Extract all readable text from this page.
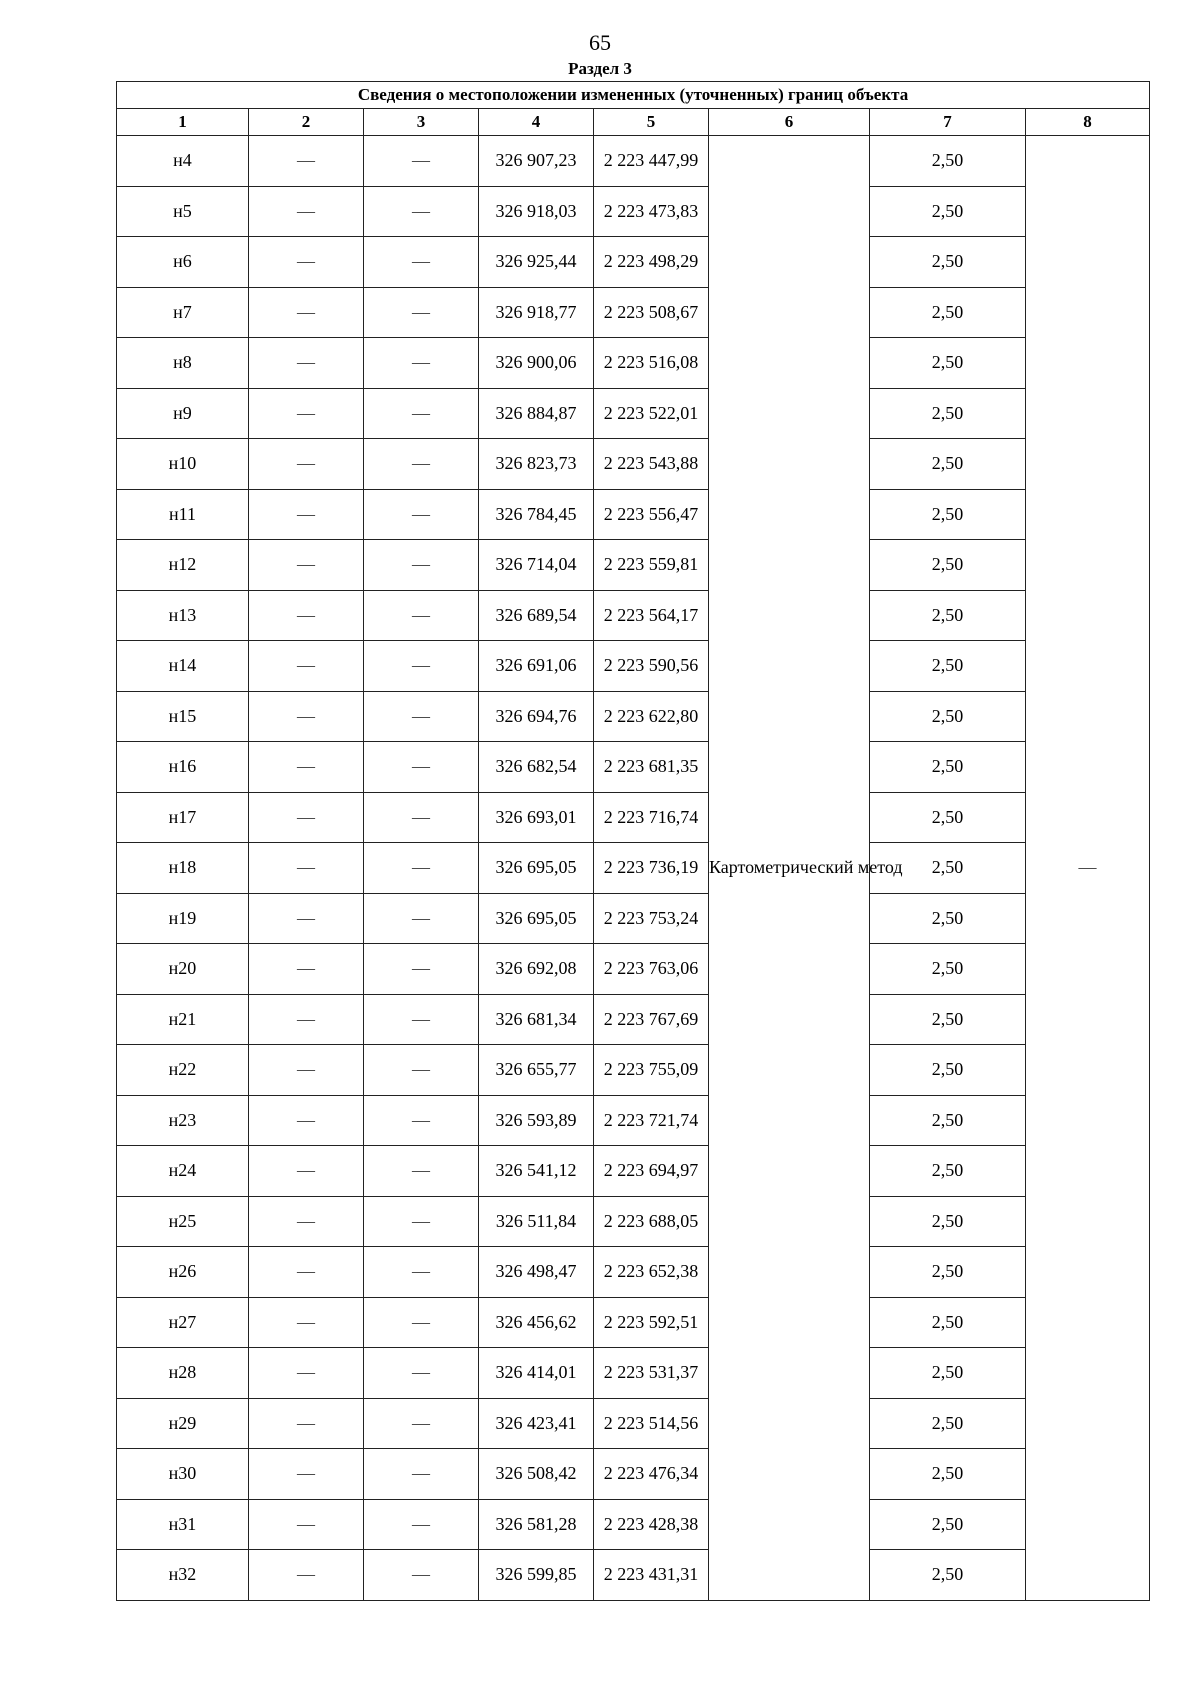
65
Раздел 3
Сведения о местоположении измененных (уточненных) границ объекта							
1	2	3	4	5	6	7	8
н4	—	—	326 907,23	2 223 447,99	Картометрический метод	2,50	—
н5	—	—	326 918,03	2 223 473,83		2,50	
н6	—	—	326 925,44	2 223 498,29		2,50	
н7	—	—	326 918,77	2 223 508,67		2,50	
н8	—	—	326 900,06	2 223 516,08		2,50	
н9	—	—	326 884,87	2 223 522,01		2,50	
н10	—	—	326 823,73	2 223 543,88		2,50	
н11	—	—	326 784,45	2 223 556,47		2,50	
н12	—	—	326 714,04	2 223 559,81		2,50	
н13	—	—	326 689,54	2 223 564,17		2,50	
н14	—	—	326 691,06	2 223 590,56		2,50	
н15	—	—	326 694,76	2 223 622,80		2,50	
н16	—	—	326 682,54	2 223 681,35		2,50	
н17	—	—	326 693,01	2 223 716,74		2,50	
н18	—	—	326 695,05	2 223 736,19		2,50	
н19	—	—	326 695,05	2 223 753,24		2,50	
н20	—	—	326 692,08	2 223 763,06		2,50	
н21	—	—	326 681,34	2 223 767,69		2,50	
н22	—	—	326 655,77	2 223 755,09		2,50	
н23	—	—	326 593,89	2 223 721,74		2,50	
н24	—	—	326 541,12	2 223 694,97		2,50	
н25	—	—	326 511,84	2 223 688,05		2,50	
н26	—	—	326 498,47	2 223 652,38		2,50	
н27	—	—	326 456,62	2 223 592,51		2,50	
н28	—	—	326 414,01	2 223 531,37		2,50	
н29	—	—	326 423,41	2 223 514,56		2,50	
н30	—	—	326 508,42	2 223 476,34		2,50	
н31	—	—	326 581,28	2 223 428,38		2,50	
н32	—	—	326 599,85	2 223 431,31		2,50	
